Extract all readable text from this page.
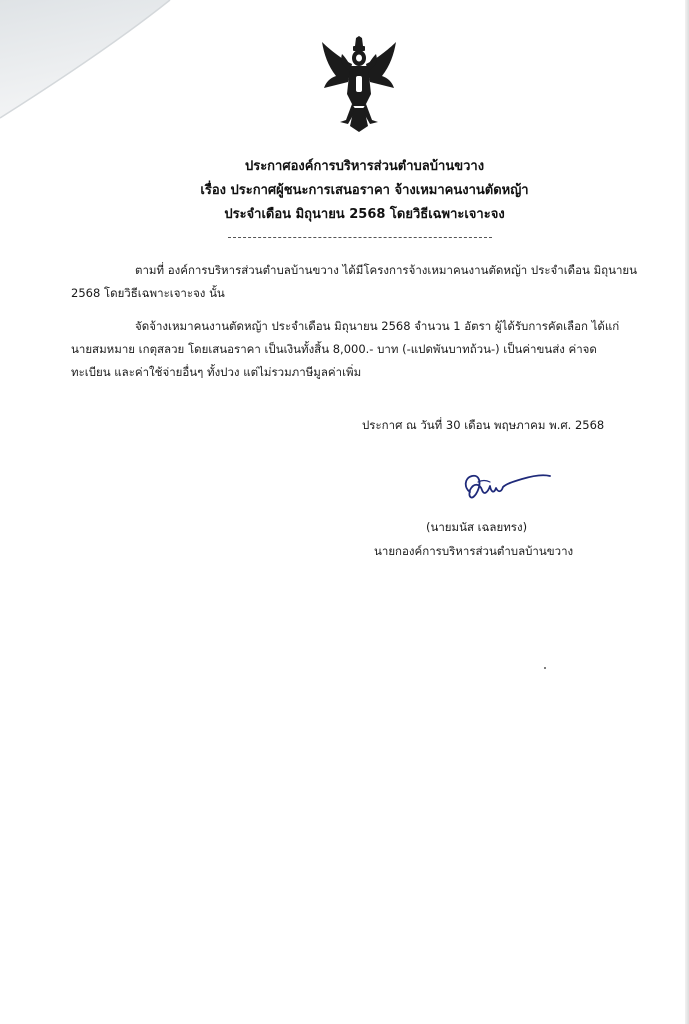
ประกาศองค์การบริหารส่วนตำบลบ้านขวาง
เรื่อง ประกาศผู้ชนะการเสนอราคา จ้างเหมาคนงานตัดหญ้า
ประจำเดือน มิถุนายน 2568 โดยวิธีเฉพาะเจาะจง
ตามที่ องค์การบริหารส่วนตำบลบ้านขวาง ได้มีโครงการจ้างเหมาคนงานตัดหญ้า ประจำเดือน มิถุนายน
2568 โดยวิธีเฉพาะเจาะจง นั้น
จัดจ้างเหมาคนงานตัดหญ้า ประจำเดือน มิถุนายน 2568 จำนวน 1 อัตรา ผู้ได้รับการคัดเลือก ได้แก่
นายสมหมาย เกตุสลวย โดยเสนอราคา เป็นเงินทั้งสิ้น 8,000.- บาท (-แปดพันบาทถ้วน-) เป็นค่าขนส่ง ค่าจด
ทะเบียน และค่าใช้จ่ายอื่นๆ ทั้งปวง แต่ไม่รวมภาษีมูลค่าเพิ่ม
ประกาศ ณ วันที่ 30 เดือน พฤษภาคม พ.ศ. 2568
(นายมนัส เฉลยทรง)
นายกองค์การบริหารส่วนตำบลบ้านขวาง
